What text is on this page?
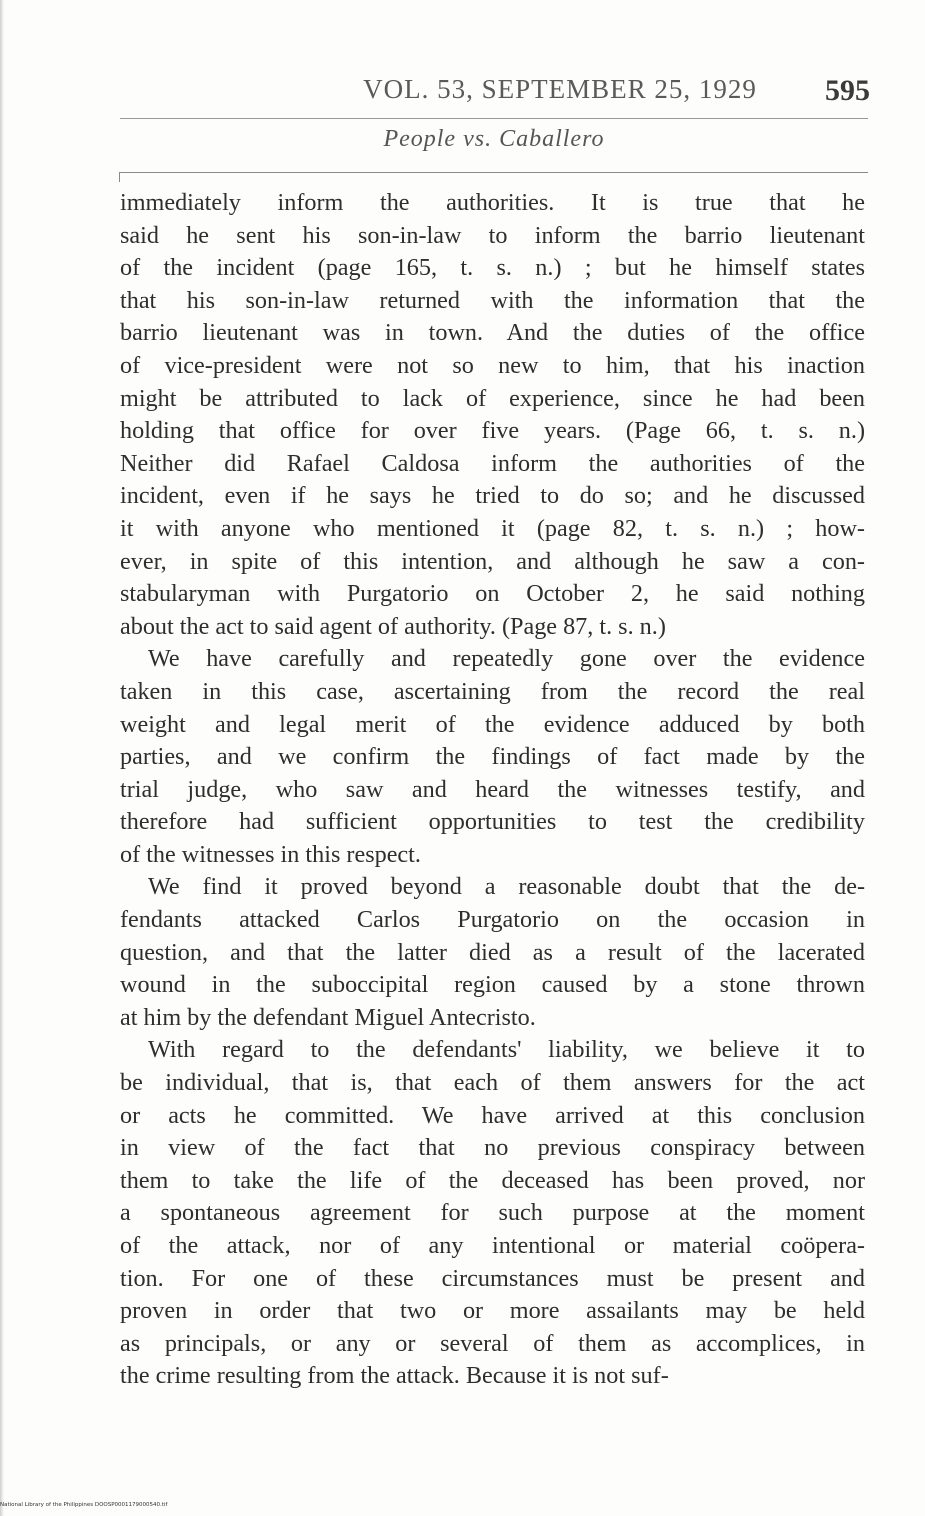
VOL. 53, SEPTEMBER 25, 1929	595
People vs. Caballero

immediately inform the authorities. It is true that he
said he sent his son-in-law to inform the barrio lieutenant
of the incident (page 165, t. s. n.) ; but he himself states
that his son-in-law returned with the information that the
barrio lieutenant was in town. And the duties of the office
of vice-president were not so new to him, that his inaction
might be attributed to lack of experience, since he had been
holding that office for over five years. (Page 66, t. s. n.)
Neither did Rafael Caldosa inform the authorities of the
incident, even if he says he tried to do so; and he discussed
it with anyone who mentioned it (page 82, t. s. n.) ; how-
ever, in spite of this intention, and although he saw a con-
stabularyman with Purgatorio on October 2, he said nothing
about the act to said agent of authority. (Page 87, t. s. n.)

We have carefully and repeatedly gone over the evidence
taken in this case, ascertaining from the record the real
weight and legal merit of the evidence adduced by both
parties, and we confirm the findings of fact made by the
trial judge, who saw and heard the witnesses testify, and
therefore had sufficient opportunities to test the credibility
of the witnesses in this respect.

We find it proved beyond a reasonable doubt that the de-
fendants attacked Carlos Purgatorio on the occasion in
question, and that the latter died as a result of the lacerated
wound in the suboccipital region caused by a stone thrown
at him by the defendant Miguel Antecristo.

With regard to the defendants' liability, we believe it to
be individual, that is, that each of them answers for the act
or acts he committed. We have arrived at this conclusion
in view of the fact that no previous conspiracy between
them to take the life of the deceased has been proved, nor
a spontaneous agreement for such purpose at the moment
of the attack, nor of any intentional or material coöpera-
tion. For one of these circumstances must be present and
proven in order that two or more assailants may be held
as principals, or any or several of them as accomplices, in
the crime resulting from the attack. Because it is not suf-

National Library of the Philippines DOOSP0001179000540.tif
